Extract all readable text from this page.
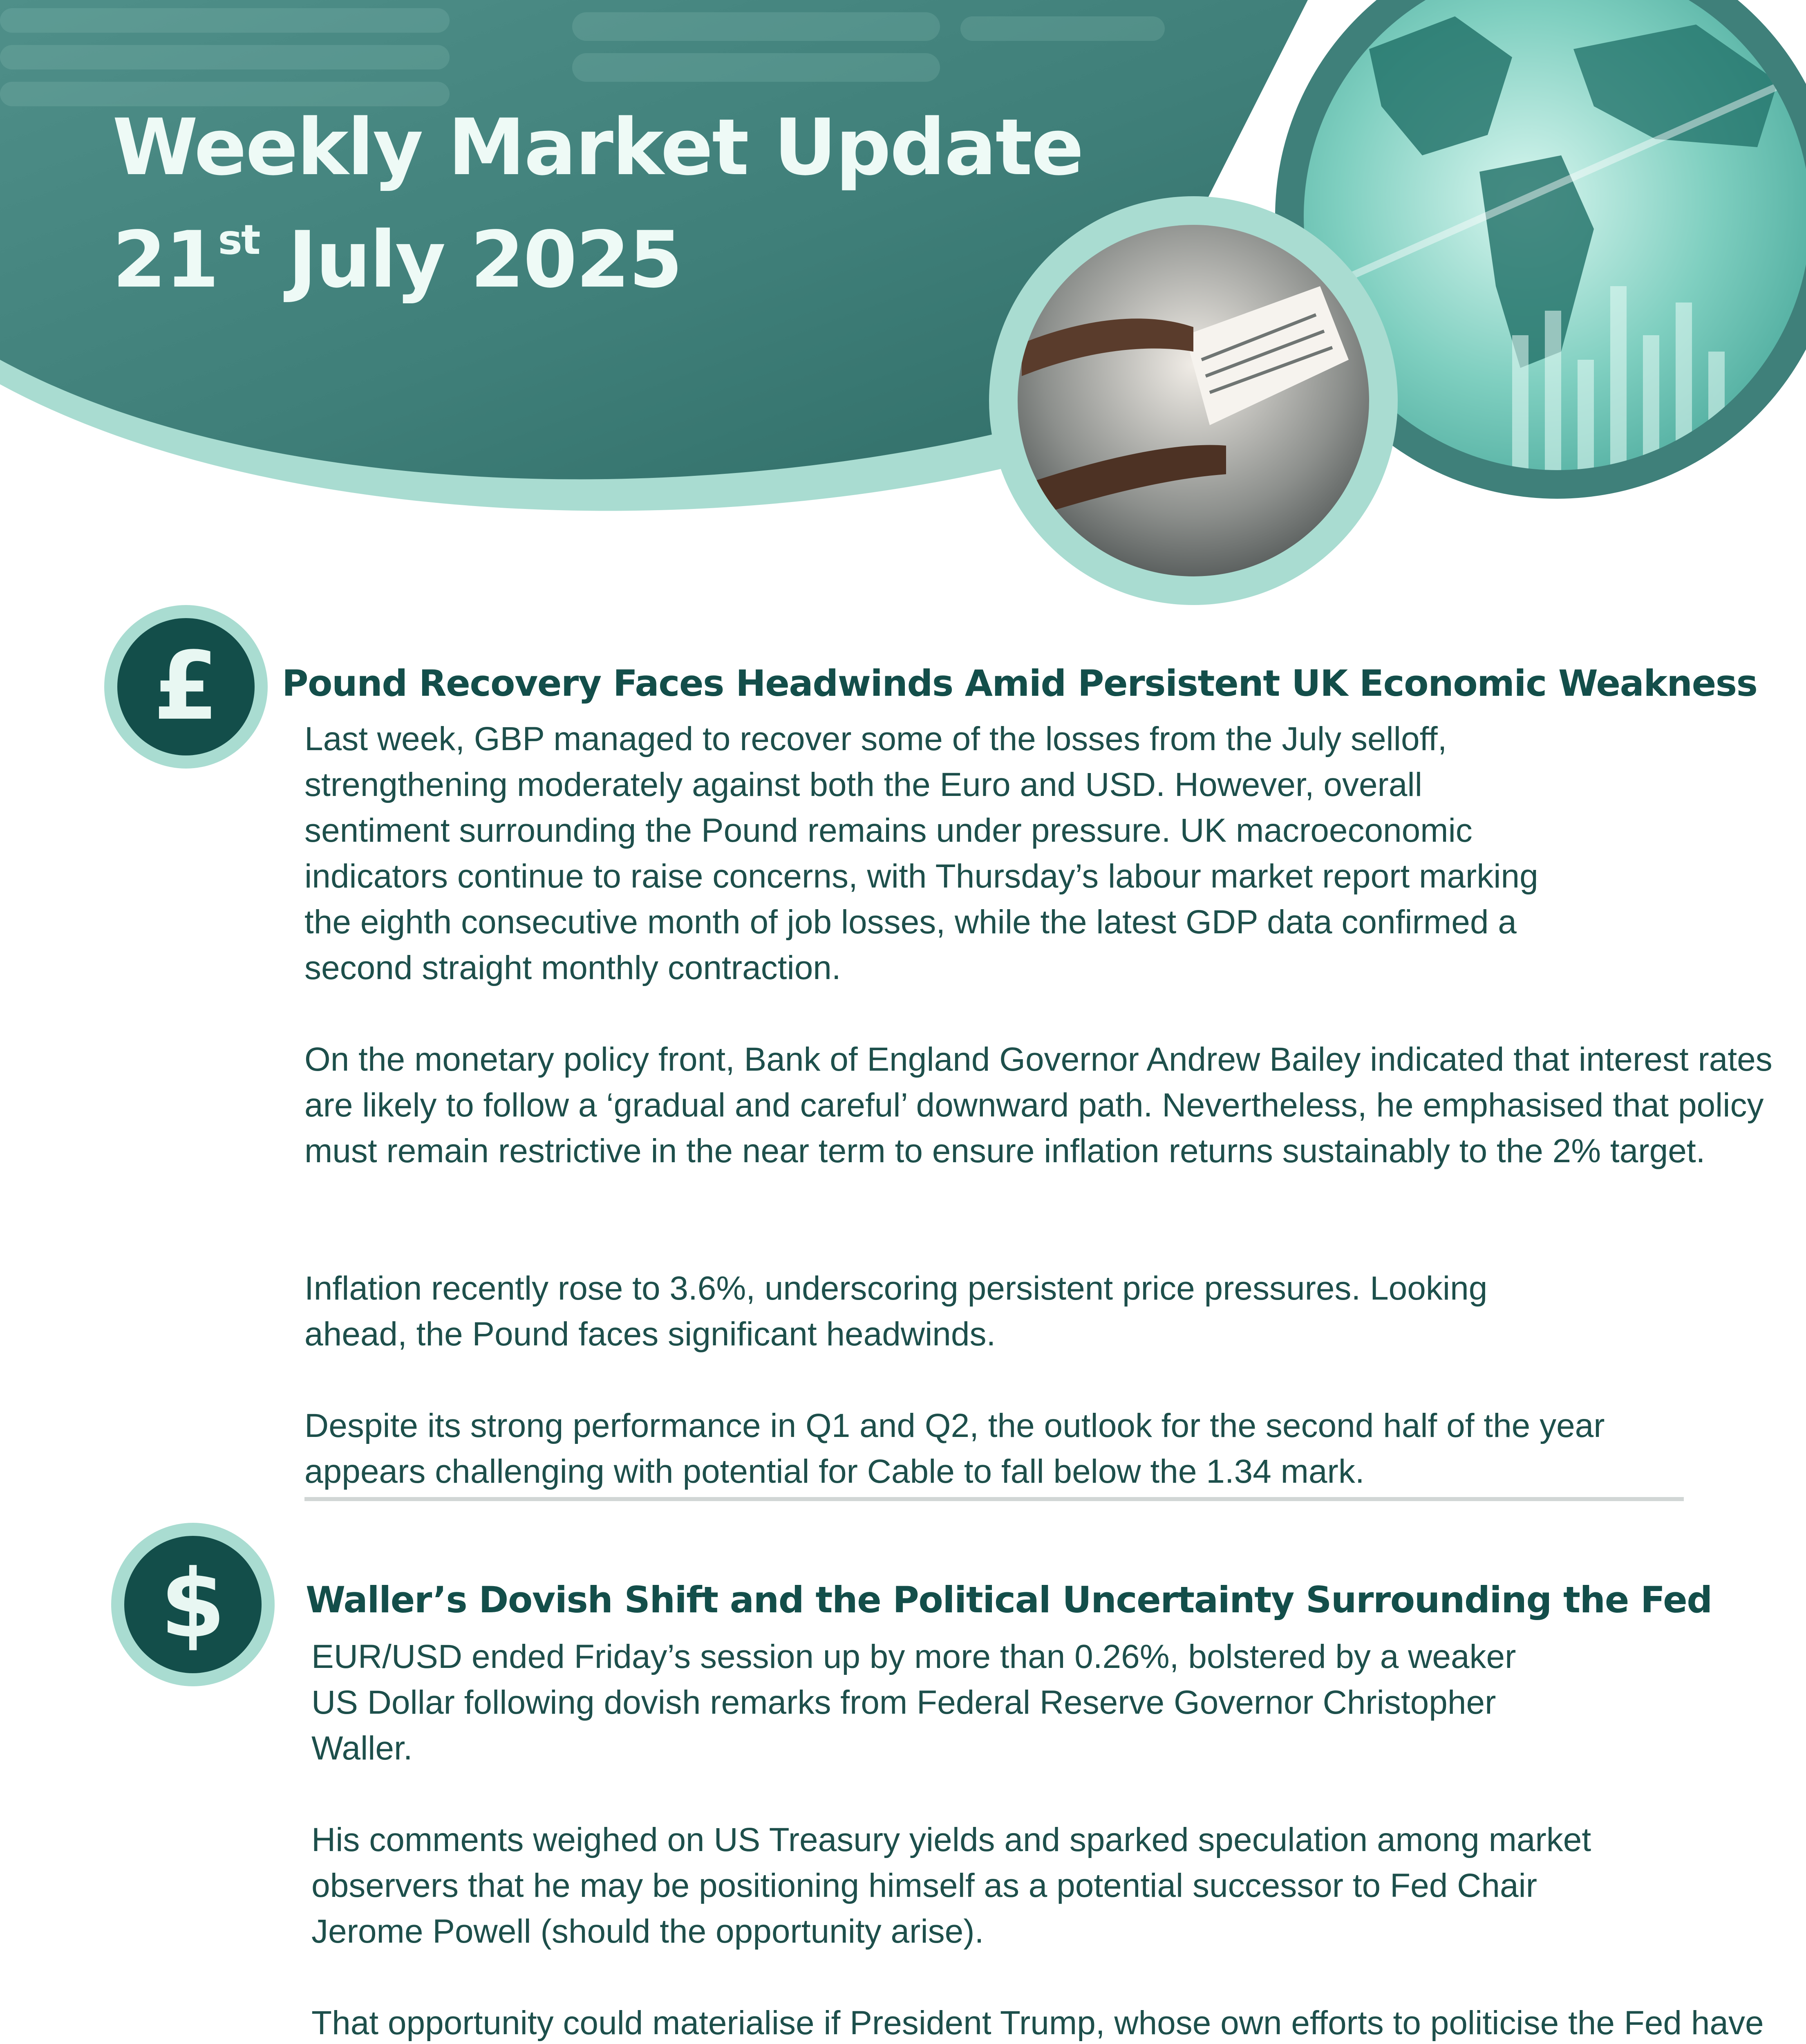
Weekly Market Update
21st July 2025
£	Pound Recovery Faces Headwinds Amid Persistent UK Economic Weakness

Last week, GBP managed to recover some of the losses from the July selloff, strengthening moderately against both the Euro and USD. However, overall sentiment surrounding the Pound remains under pressure. UK macroeconomic indicators continue to raise concerns, with Thursday’s labour market report marking the eighth consecutive month of job losses, while the latest GDP data confirmed a second straight monthly contraction.

On the monetary policy front, Bank of England Governor Andrew Bailey indicated that interest rates are likely to follow a ‘gradual and careful’ downward path. Nevertheless, he emphasised that policy must remain restrictive in the near term to ensure inflation returns sustainably to the 2% target.

Inflation recently rose to 3.6%, underscoring persistent price pressures. Looking ahead, the Pound faces significant headwinds.

Despite its strong performance in Q1 and Q2, the outlook for the second half of the year appears challenging with potential for Cable to fall below the 1.34 mark.

$	Waller’s Dovish Shift and the Political Uncertainty Surrounding the Fed

EUR/USD ended Friday’s session up by more than 0.26%, bolstered by a weaker US Dollar following dovish remarks from Federal Reserve Governor Christopher Waller.

His comments weighed on US Treasury yields and sparked speculation among market observers that he may be positioning himself as a potential successor to Fed Chair Jerome Powell (should the opportunity arise).

That opportunity could materialise if President Trump, whose own efforts to politicise the Fed have
